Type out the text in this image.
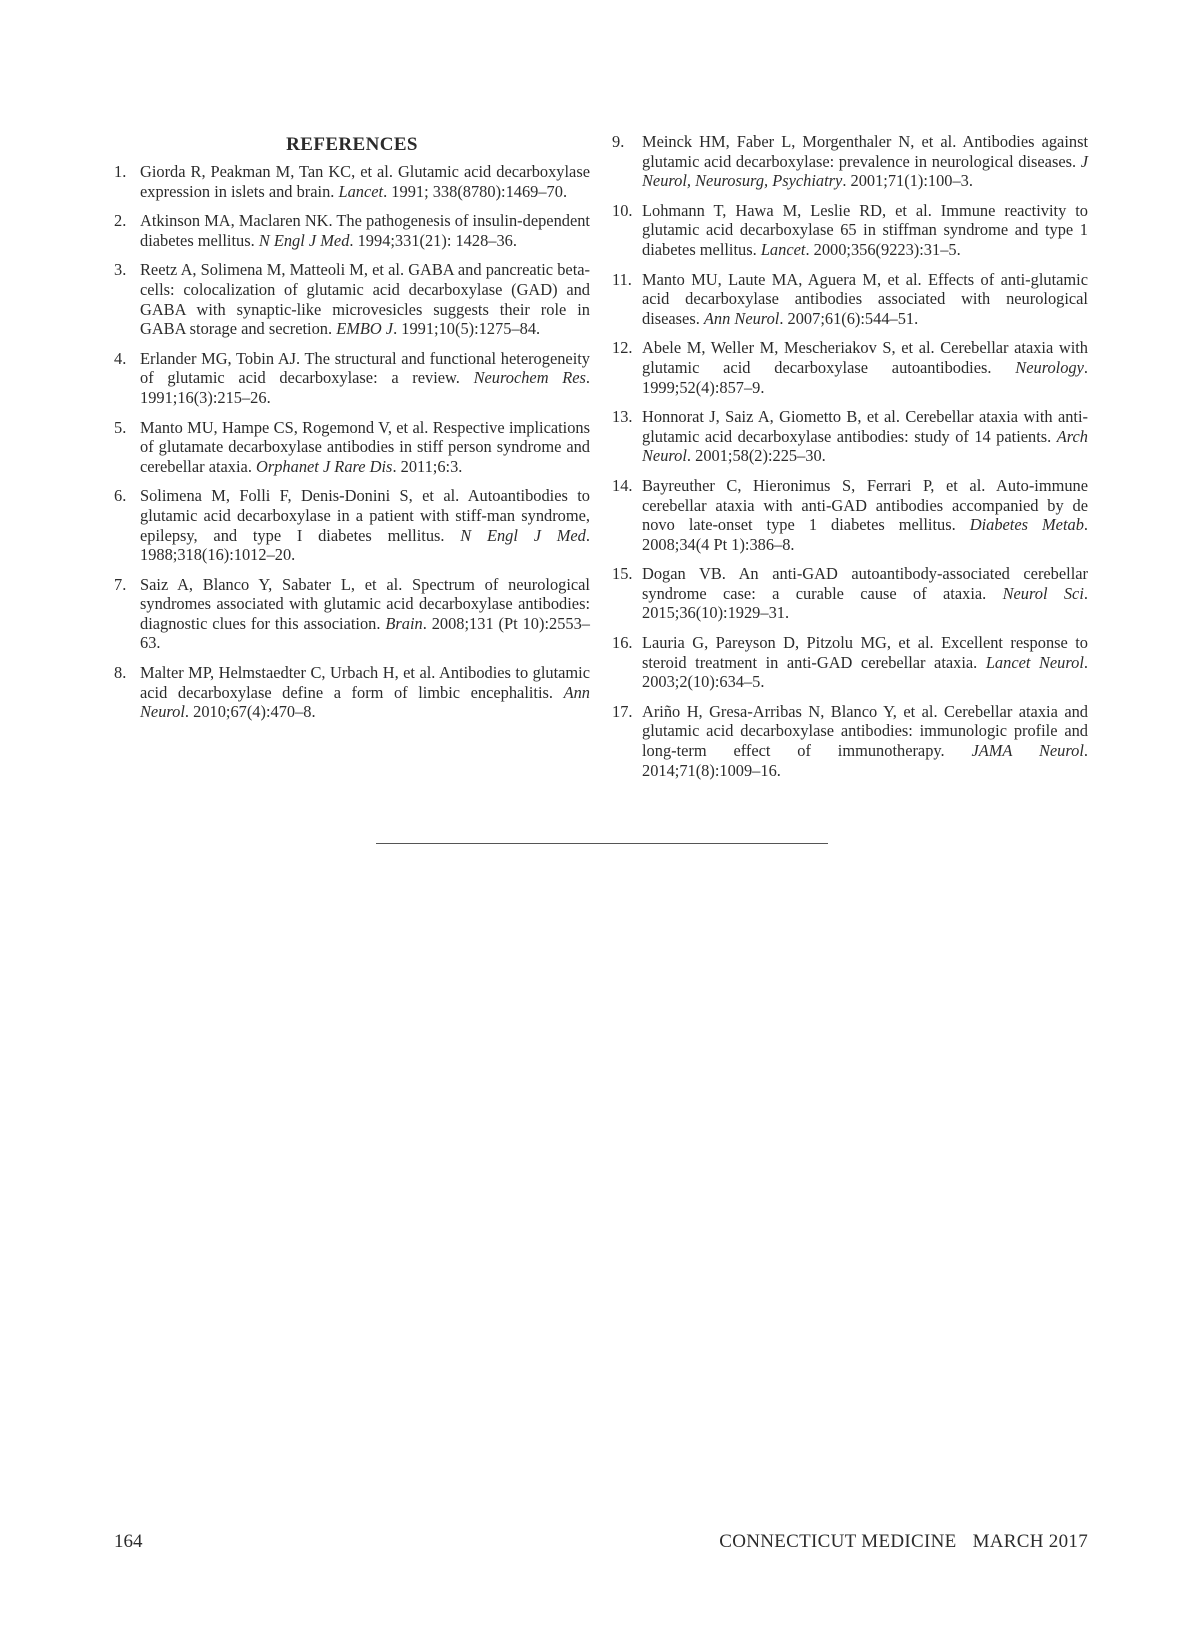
REFERENCES
1. Giorda R, Peakman M, Tan KC, et al. Glutamic acid decarboxylase expression in islets and brain. Lancet. 1991; 338(8780):1469–70.
2. Atkinson MA, Maclaren NK. The pathogenesis of insulin-dependent diabetes mellitus. N Engl J Med. 1994;331(21): 1428–36.
3. Reetz A, Solimena M, Matteoli M, et al. GABA and pancreatic beta-cells: colocalization of glutamic acid decarboxylase (GAD) and GABA with synaptic-like microvesicles suggests their role in GABA storage and secretion. EMBO J. 1991;10(5):1275–84.
4. Erlander MG, Tobin AJ. The structural and functional heterogeneity of glutamic acid decarboxylase: a review. Neurochem Res. 1991;16(3):215–26.
5. Manto MU, Hampe CS, Rogemond V, et al. Respective implications of glutamate decarboxylase antibodies in stiff person syndrome and cerebellar ataxia. Orphanet J Rare Dis. 2011;6:3.
6. Solimena M, Folli F, Denis-Donini S, et al. Autoantibodies to glutamic acid decarboxylase in a patient with stiff-man syndrome, epilepsy, and type I diabetes mellitus. N Engl J Med. 1988;318(16):1012–20.
7. Saiz A, Blanco Y, Sabater L, et al. Spectrum of neurological syndromes associated with glutamic acid decarboxylase antibodies: diagnostic clues for this association. Brain. 2008;131 (Pt 10):2553–63.
8. Malter MP, Helmstaedter C, Urbach H, et al. Antibodies to glutamic acid decarboxylase define a form of limbic encephalitis. Ann Neurol. 2010;67(4):470–8.
9.	Meinck HM, Faber L, Morgenthaler N, et al. Antibodies against glutamic acid decarboxylase: prevalence in neurological diseases. J Neurol, Neurosurg, Psychiatry. 2001;71(1):100–3.
10. Lohmann T, Hawa M, Leslie RD, et al. Immune reactivity to glutamic acid decarboxylase 65 in stiffman syndrome and type 1 diabetes mellitus. Lancet. 2000;356(9223):31–5.
11. Manto MU, Laute MA, Aguera M, et al. Effects of anti-glutamic acid decarboxylase antibodies associated with neurological diseases. Ann Neurol. 2007;61(6):544–51.
12. Abele M, Weller M, Mescheriakov S, et al. Cerebellar ataxia with glutamic acid decarboxylase autoantibodies. Neurology. 1999;52(4):857–9.
13. Honnorat J, Saiz A, Giometto B, et al. Cerebellar ataxia with anti-glutamic acid decarboxylase antibodies: study of 14 patients. Arch Neurol. 2001;58(2):225–30.
14. Bayreuther C, Hieronimus S, Ferrari P, et al. Auto-immune cerebellar ataxia with anti-GAD antibodies accompanied by de novo late-onset type 1 diabetes mellitus. Diabetes Metab. 2008;34(4 Pt 1):386–8.
15. Dogan VB. An anti-GAD autoantibody-associated cerebellar syndrome case: a curable cause of ataxia. Neurol Sci. 2015;36(10):1929–31.
16. Lauria G, Pareyson D, Pitzolu MG, et al. Excellent response to steroid treatment in anti-GAD cerebellar ataxia. Lancet Neurol. 2003;2(10):634–5.
17. Ariño H, Gresa-Arribas N, Blanco Y, et al. Cerebellar ataxia and glutamic acid decarboxylase antibodies: immunologic profile and long-term effect of immunotherapy. JAMA Neurol. 2014;71(8):1009–16.
164	CONNECTICUT MEDICINE MARCH 2017
